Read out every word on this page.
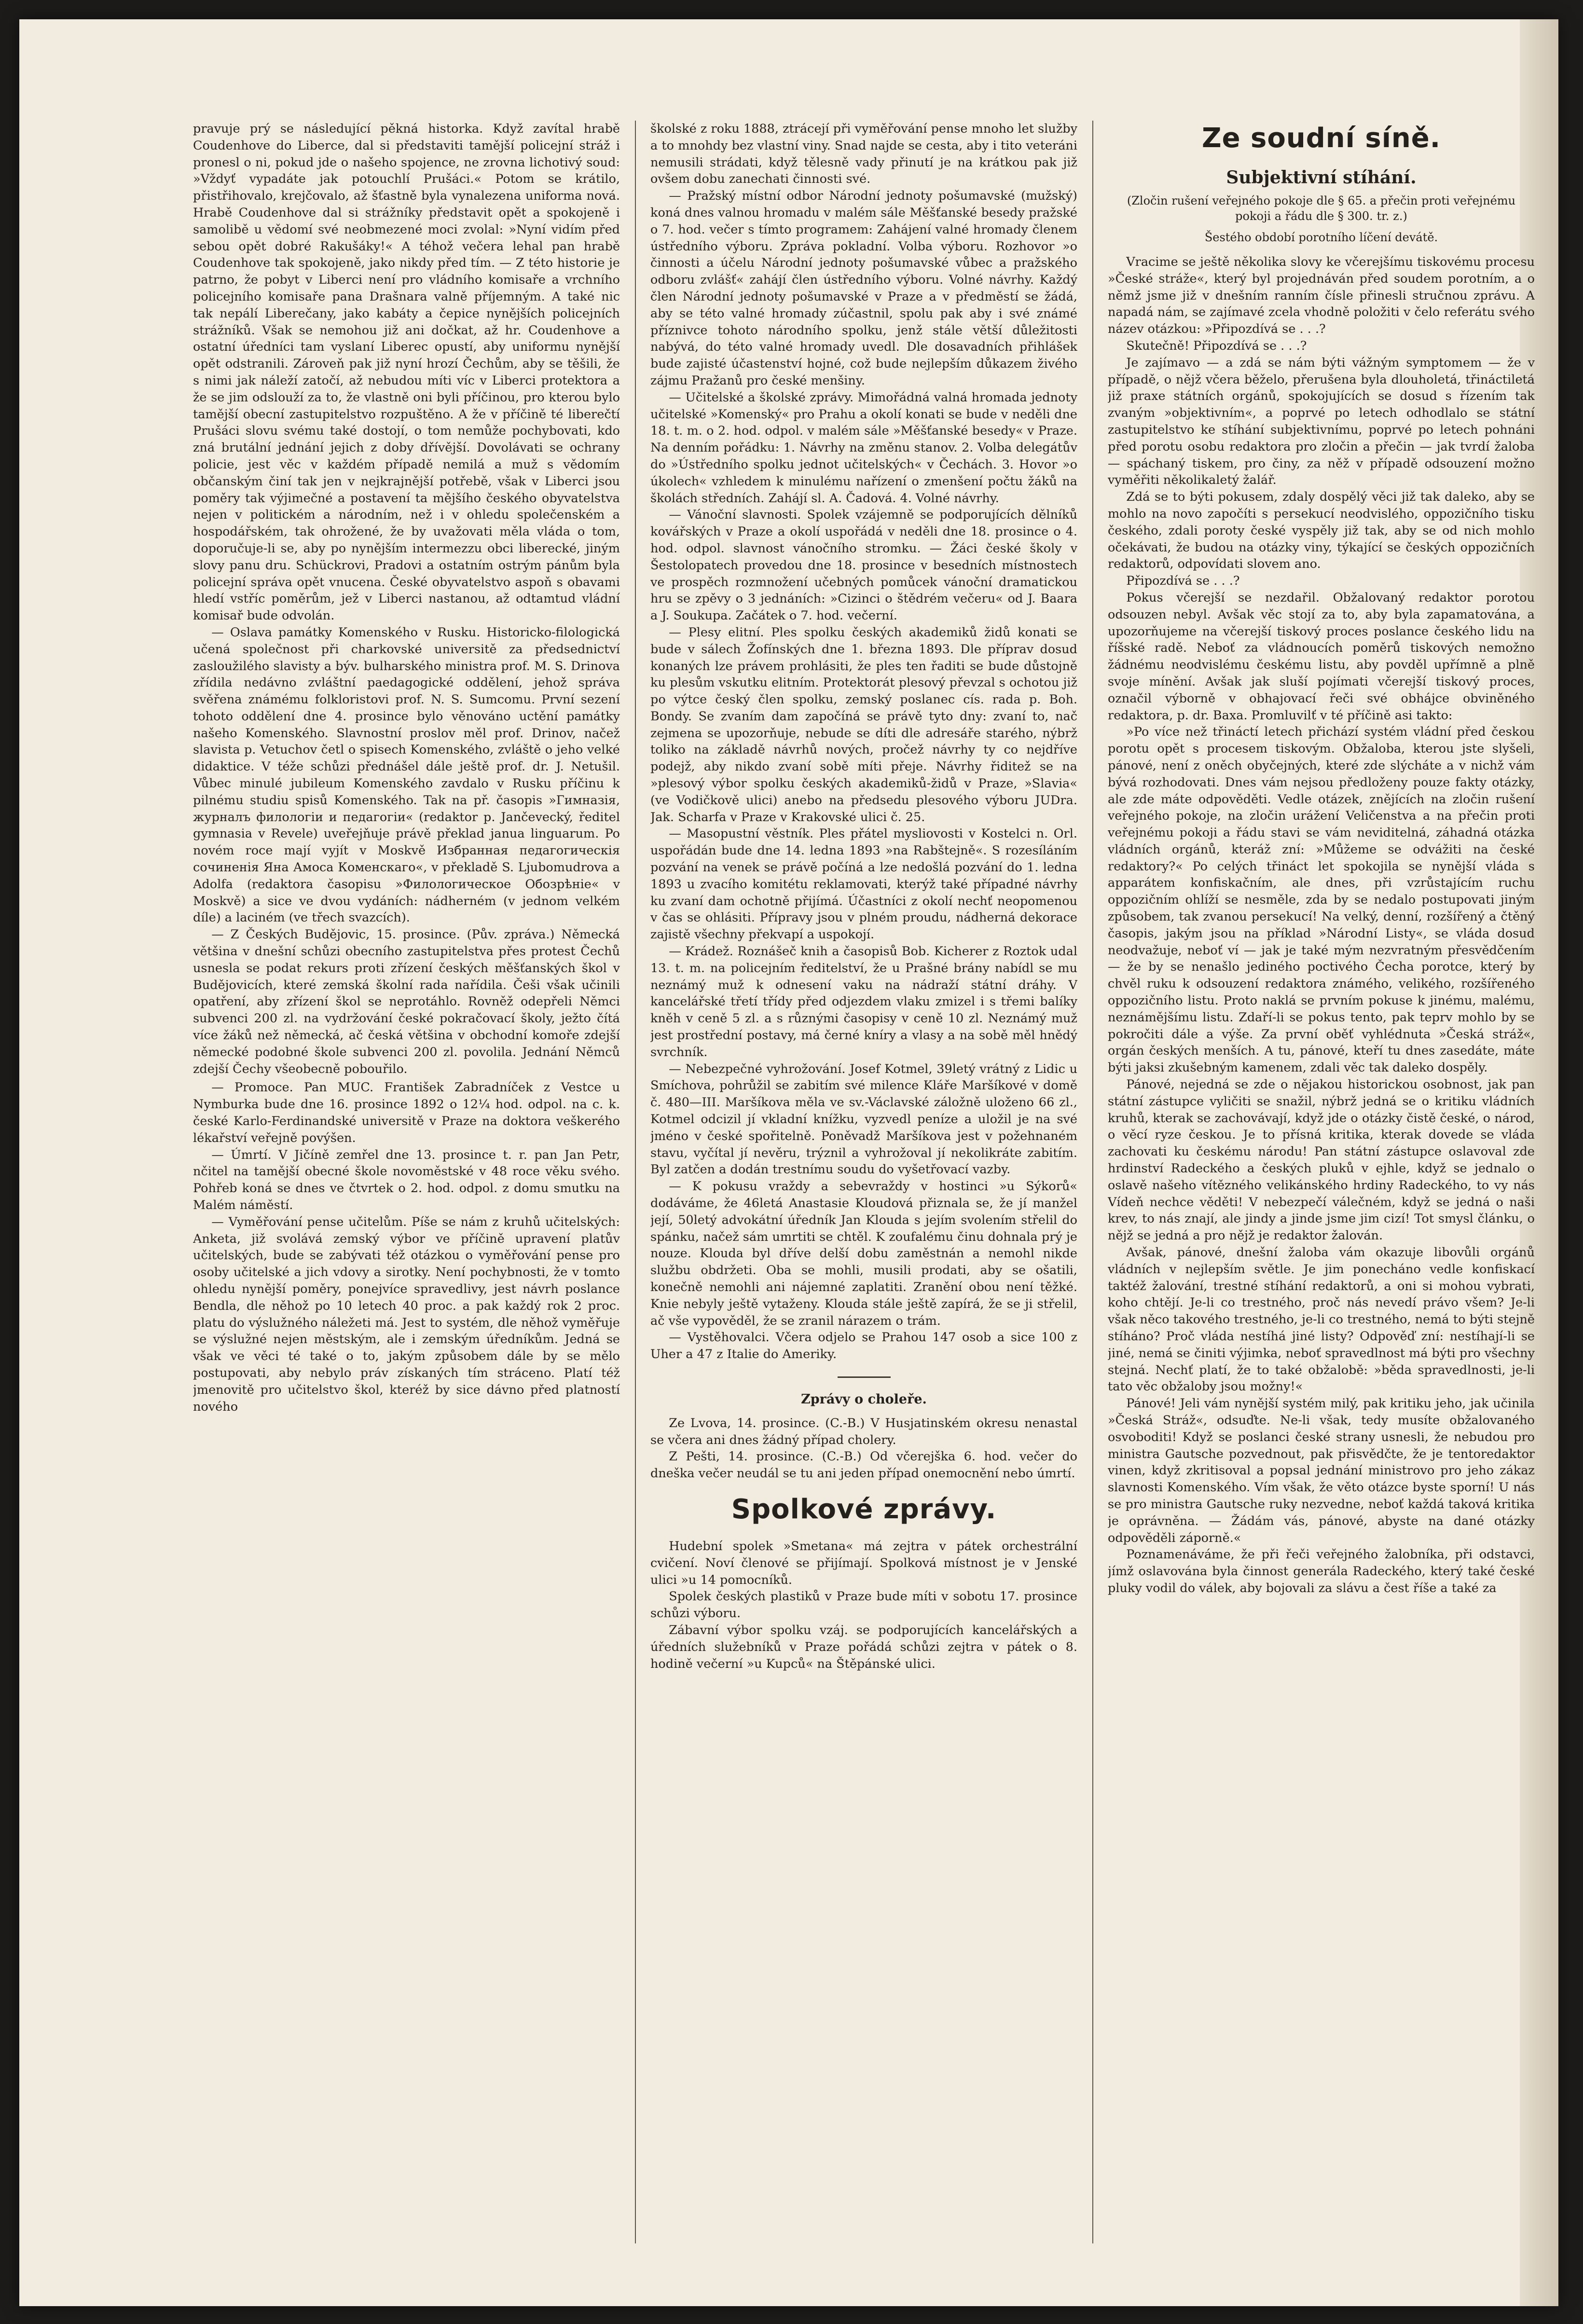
pravuje prý se následující pěkná historka. Když zavítal hrabě Coudenhove do Liberce, dal si představiti tamější policejní stráž i pronesl o ni, pokud jde o našeho spojence, ne zrovna lichotivý soud: »Vždyť vypadáte jak potouchlí Prušáci.« Potom se krátilo, přistřihovalo, krejčovalo, až šťastně byla vynalezena uniforma nová. Hrabě Coudenhove dal si strážníky představit opět a spokojeně i samolibě u vědomí své neobmezené moci zvolal: »Nyní vidím před sebou opět dobré Rakušáky!« A téhož večera lehal pan hrabě Coudenhove tak spokojeně, jako nikdy před tím. — Z této historie je patrno, že pobyt v Liberci není pro vládního komisaře a vrchního policejního komisaře pana Drašnara valně příjemným. A také nic tak nepálí Liberečany, jako kabáty a čepice nynějších policejních strážníků. Však se nemohou již ani dočkat, až hr. Coudenhove a ostatní úředníci tam vyslaní Liberec opustí, aby uniformu nynější opět odstranili. Zároveň pak již nyní hrozí Čechům, aby se těšili, že s nimi jak náleží zatočí, až nebudou míti víc v Liberci protektora a že se jim odslouží za to, že vlastně oni byli příčinou, pro kterou bylo tamější obecní zastupitelstvo rozpuštěno. A že v příčině té liberečtí Prušáci slovu svému také dostojí, o tom nemůže pochybovati, kdo zná brutální jednání jejich z doby dřívější. Dovolávati se ochrany policie, jest věc v každém případě nemilá a muž s vědomím občanským činí tak jen v nejkrajnější potřebě, však v Liberci jsou poměry tak výjimečné a postavení ta mějšího českého obyvatelstva nejen v politickém a národním, než i v ohledu společenském a hospodářském, tak ohrožené, že by uvažovati měla vláda o tom, doporučuje-li se, aby po nynějším intermezzu obci liberecké, jiným slovy panu dru. Schückrovi, Pradovi a ostatním ostrým pánům byla policejní správa opět vnucena. České obyvatelstvo aspoň s obavami hledí vstříc poměrům, jež v Liberci nastanou, až odtamtud vládní komisař bude odvolán.

— Oslava památky Komenského v Rusku. Historicko-filologická učená společnost při charkovské universitě za předsednictví zasloužilého slavisty a býv. bulharského ministra prof. M. S. Drinova zřídila nedávno zvláštní paedagogické oddělení, jehož správa svěřena známému folkloristovi prof. N. S. Sumcomu. První sezení tohoto oddělení dne 4. prosince bylo věnováno uctění památky našeho Komenského. Slavnostní proslov měl prof. Drinov, načež slavista p. Vetuchov četl o spisech Komenského, zvláště o jeho velké didaktice. V téže schůzi přednášel dále ještě prof. dr. J. Netušil. Vůbec minulé jubileum Komenského zavdalo v Rusku příčinu k pilnému studiu spisů Komenského. Tak na př. časopis »Гимназія, журналъ филологіи и педагогіи« (redaktor p. Jančevecký, ředitel gymnasia v Revele) uveřejňuje právě překlad janua linguarum. Po novém roce mají vyjít v Moskvě Избранная педагогическія сочиненія Яна Амоса Коменскаго«, v překladě S. Ljubomudrova a Adolfa (redaktora časopisu »Филологическое Обозрѣніе« v Moskvě) a sice ve dvou vydáních: nádherném (v jednom velkém díle) a laciném (ve třech svazcích).

— Z Českých Budějovic, 15. prosince. (Pův. zpráva.) Německá většina v dnešní schůzi obecního zastupitelstva přes protest Čechů usnesla se podat rekurs proti zřízení českých měšťanských škol v Budějovicích, které zemská školní rada nařídila. Češi však učinili opatření, aby zřízení škol se neprotáhlo. Rovněž odepřeli Němci subvenci 200 zl. na vydržování české pokračovací školy, ježto čítá více žáků než německá, ač česká většina v obchodní komoře zdejší německé podobné škole subvenci 200 zl. povolila. Jednání Němců zdejší Čechy všeobecně pobouřilo.

— Promoce. Pan MUC. František Zabradníček z Vestce u Nymburka bude dne 16. prosince 1892 o 12¼ hod. odpol. na c. k. české Karlo-Ferdinandské universitě v Praze na doktora veškerého lékařství veřejně povýšen.

— Úmrtí. V Jičíně zemřel dne 13. prosince t. r. pan Jan Petr, nčitel na tamější obecné škole novoměstské v 48 roce věku svého. Pohřeb koná se dnes ve čtvrtek o 2. hod. odpol. z domu smutku na Malém náměstí.

— Vyměřování pense učitelům. Píše se nám z kruhů učitelských: Anketa, již svolává zemský výbor ve příčině upravení platův učitelských, bude se zabývati též otázkou o vyměřování pense pro osoby učitelské a jich vdovy a sirotky. Není pochybnosti, že v tomto ohledu nynější poměry, ponejvíce spravedlivy, jest návrh poslance Bendla, dle něhož po 10 letech 40 proc. a pak každý rok 2 proc. platu do výslužného náležeti má. Jest to systém, dle něhož vyměřuje se výslužné nejen městským, ale i zemským úředníkům. Jedná se však ve věci té také o to, jakým způsobem dále by se mělo postupovati, aby nebylo práv získaných tím stráceno. Platí též jmenovitě pro učitelstvo škol, kteréž by sice dávno před platností nového

školské z roku 1888, ztrácejí při vyměřování pense mnoho let služby a to mnohdy bez vlastní viny. Snad najde se cesta, aby i tito veteráni nemusili strádati, když tělesně vady přinutí je na krátkou pak již ovšem dobu zanechati činnosti své.

— Pražský místní odbor Národní jednoty pošumavské (mužský) koná dnes valnou hromadu v malém sále Měšťanské besedy pražské o 7. hod. večer s tímto programem: Zahájení valné hromady členem ústředního výboru. Zpráva pokladní. Volba výboru. Rozhovor »o činnosti a účelu Národní jednoty pošumavské vůbec a pražského odboru zvlášť« zahájí člen ústředního výboru. Volné návrhy. Každý člen Národní jednoty pošumavské v Praze a v předměstí se žádá, aby se této valné hromady zúčastnil, spolu pak aby i své známé příznivce tohoto národního spolku, jenž stále větší důležitosti nabývá, do této valné hromady uvedl. Dle dosavadních přihlášek bude zajisté účastenství hojné, což bude nejlepším důkazem živého zájmu Pražanů pro české menšiny.

— Učitelské a školské zprávy. Mimořádná valná hromada jednoty učitelské »Komenský« pro Prahu a okolí konati se bude v neděli dne 18. t. m. o 2. hod. odpol. v malém sále »Měšťanské besedy« v Praze. Na denním pořádku: 1. Návrhy na změnu stanov. 2. Volba delegátův do »Ústředního spolku jednot učitelských« v Čechách. 3. Hovor »o úkolech« vzhledem k minulému nařízení o zmenšení počtu žáků na školách středních. Zahájí sl. A. Čadová. 4. Volné návrhy.

— Vánoční slavnosti. Spolek vzájemně se podporujících dělníků kovářských v Praze a okolí uspořádá v neděli dne 18. prosince o 4. hod. odpol. slavnost vánočního stromku. — Žáci české školy v Šestolopatech provedou dne 18. prosince v besedních místnostech ve prospěch rozmnožení učebných pomůcek vánoční dramatickou hru se zpěvy o 3 jednáních: »Cizinci o štědrém večeru« od J. Baara a J. Soukupa. Začátek o 7. hod. večerní.

— Plesy elitní. Ples spolku českých akademiků židů konati se bude v sálech Žofínských dne 1. března 1893. Dle příprav dosud konaných lze právem prohlásiti, že ples ten řaditi se bude důstojně ku plesům vskutku elitním. Protektorát plesový převzal s ochotou již po výtce český člen spolku, zemský poslanec cís. rada p. Boh. Bondy. Se zvaním dam započíná se právě tyto dny: zvaní to, nač zejmena se upozorňuje, nebude se díti dle adresáře starého, nýbrž toliko na základě návrhů nových, pročež návrhy ty co nejdříve podejž, aby nikdo zvaní sobě míti přeje. Návrhy řiditež se na »plesový výbor spolku českých akademiků-židů v Praze, »Slavia« (ve Vodičkově ulici) anebo na předsedu plesového výboru JUDra. Jak. Scharfa v Praze v Krakovské ulici č. 25.

— Masopustní věstník. Ples přátel mysliovosti v Kostelci n. Orl. uspořádán bude dne 14. ledna 1893 »na Rabštejně«. S rozesíláním pozvání na venek se právě počíná a lze nedošlá pozvání do 1. ledna 1893 u zvacího komitétu reklamovati, kterýž také případné návrhy ku zvaní dam ochotně přijímá. Účastníci z okolí nechť neopomenou v čas se ohlásiti. Přípravy jsou v plném proudu, nádherná dekorace zajistě všechny překvapí a uspokojí.

— Krádež. Roznášeč knih a časopisů Bob. Kicherer z Roztok udal 13. t. m. na policejním ředitelství, že u Prašné brány nabídl se mu neznámý muž k odnesení vaku na nádraží státní dráhy. V kancelářské třetí třídy před odjezdem vlaku zmizel i s třemi balíky kněh v ceně 5 zl. a s různými časopisy v ceně 10 zl. Neznámý muž jest prostřední postavy, má černé kníry a vlasy a na sobě měl hnědý svrchník.

— Nebezpečné vyhrožování. Josef Kotmel, 39letý vrátný z Lidic u Smíchova, pohrůžil se zabitím své milence Kláře Maršíkové v domě č. 480—III. Maršíkova měla ve sv.-Václavské záložně uloženo 66 zl., Kotmel odcizil jí vkladní knížku, vyzvedl peníze a uložil je na své jméno v české spořitelně. Poněvadž Maršíkova jest v požehnaném stavu, vyčítal jí nevěru, trýznil a vyhrožoval jí nekolikráte zabitím. Byl zatčen a dodán trestnímu soudu do vyšetřovací vazby.

— K pokusu vraždy a sebevraždy v hostinci »u Sýkorů« dodáváme, že 46letá Anastasie Kloudová přiznala se, že jí manžel její, 50letý advokátní úředník Jan Klouda s jejím svolením střelil do spánku, načež sám umrtiti se chtěl. K zoufalému činu dohnala prý je nouze. Klouda byl dříve delší dobu zaměstnán a nemohl nikde službu obdržeti. Oba se mohli, musili prodati, aby se ošatili, konečně nemohli ani nájemné zaplatiti. Zranění obou není těžké. Knie nebyly ještě vytaženy. Klouda stále ještě zapírá, že se ji střelil, ač vše vypověděl, že se zranil nárazem o trám.

— Vystěhovalci. Včera odjelo se Prahou 147 osob a sice 100 z Uher a 47 z Italie do Ameriky.

Zprávy o choleře.

Ze Lvova, 14. prosince. (C.-B.) V Husjatinském okresu nenastal se včera ani dnes žádný případ cholery.

Z Pešti, 14. prosince. (C.-B.) Od včerejška 6. hod. večer do dneška večer neudál se tu ani jeden případ onemocnění nebo úmrtí.

Spolkové zprávy.

Hudební spolek »Smetana« má zejtra v pátek orchestrální cvičení. Noví členové se přijímají. Spolková místnost je v Jenské ulici »u 14 pomocníků.

Spolek českých plastiků v Praze bude míti v sobotu 17. prosince schůzi výboru.

Zábavní výbor spolku vzáj. se podporujících kancelářských a úředních služebníků v Praze pořádá schůzi zejtra v pátek o 8. hodině večerní »u Kupců« na Štěpánské ulici.

Ze soudní síně.
Subjektivní stíhání.
(Zločin rušení veřejného pokoje dle § 65. a přečin proti veřejnému pokoji a řádu dle § 300. tr. z.)
Šestého období porotního líčení devátě.

Vracime se ještě několika slovy ke včerejšímu tiskovému procesu »České stráže«, který byl projednáván před soudem porotním, a o němž jsme již v dnešním ranním čísle přinesli stručnou zprávu. A napadá nám, se zajímavé zcela vhodně položiti v čelo referátu svého název otázkou: »Připozdívá se . . .?

Skutečně! Připozdívá se . . .?

Je zajímavo — a zdá se nám býti vážným symptomem — že v případě, o nějž včera běželo, přerušena byla dlouholetá, třináctiletá již praxe státních orgánů, spokojujících se dosud s řízením tak zvaným »objektivním«, a poprvé po letech odhodlalo se státní zastupitelstvo ke stíhání subjektivnímu, poprvé po letech pohnáni před porotu osobu redaktora pro zločin a přečin — jak tvrdí žaloba — spáchaný tiskem, pro činy, za něž v případě odsouzení možno vyměřiti několikaletý žalář.

Zdá se to býti pokusem, zdaly dospělý věci již tak daleko, aby se mohlo na novo započíti s persekucí neodvislého, oppozičního tisku českého, zdali poroty české vyspěly již tak, aby se od nich mohlo očekávati, že budou na otázky viny, týkající se českých oppozičních redaktorů, odpovídati slovem ano.

Připozdívá se . . .?

Pokus včerejší se nezdařil. Obžalovaný redaktor porotou odsouzen nebyl. Avšak věc stojí za to, aby byla zapamatována, a upozorňujeme na včerejší tiskový proces poslance českého lidu na říšské radě. Neboť za vládnoucích poměrů tiskových nemožno žádnému neodvislému českému listu, aby povděl upřímně a plně svoje mínění. Avšak jak sluší pojímati včerejší tiskový proces, označil výborně v obhajovací řeči své obhájce obviněného redaktora, p. dr. Baxa. Promluvilť v té příčině asi takto:

»Po více než třináctí letech přichází systém vládní před českou porotu opět s procesem tiskovým. Obžaloba, kterou jste slyšeli, pánové, není z oněch obyčejných, které zde slýcháte a v nichž vám bývá rozhodovati. Dnes vám nejsou předloženy pouze fakty otázky, ale zde máte odpověděti. Vedle otázek, znějících na zločin rušení veřejného pokoje, na zločin urážení Veličenstva a na přečin proti veřejnému pokoji a řádu stavi se vám neviditelná, záhadná otázka vládních orgánů, kteráž zní: »Můžeme se odvážiti na české redaktory?« Po celých třináct let spokojila se nynější vláda s apparátem konfiskačním, ale dnes, při vzrůstajícím ruchu oppozičním ohlíží se nesměle, zda by se nedalo postupovati jiným způsobem, tak zvanou persekucí! Na velký, denní, rozšířený a čtěný časopis, jakým jsou na příklad »Národní Listy«, se vláda dosud neodvažuje, neboť ví — jak je také mým nezvratným přesvědčením — že by se nenašlo jediného poctivého Čecha porotce, který by chvěl ruku k odsouzení redaktora známého, velikého, rozšířeného oppozičního listu. Proto naklá se prvním pokuse k jinému, malému, neznámějšímu listu. Zdaří-li se pokus tento, pak teprv mohlo by se pokročiti dále a výše. Za první oběť vyhlédnuta »Česká stráž«, orgán českých menších. A tu, pánové, kteří tu dnes zasedáte, máte býti jaksi zkušebným kamenem, zdali věc tak daleko dospěly.

Pánové, nejedná se zde o nějakou historickou osobnost, jak pan státní zástupce vyličiti se snažil, nýbrž jedná se o kritiku vládních kruhů, kterak se zachovávají, když jde o otázky čistě české, o národ, o věcí ryze českou. Je to přísná kritika, kterak dovede se vláda zachovati ku českému národu! Pan státní zástupce oslavoval zde hrdinství Radeckého a českých pluků v ejhle, když se jednalo o oslavě našeho vítězného velikánského hrdiny Radeckého, to vy nás Vídeň nechce věděti! V nebezpečí válečném, když se jedná o naši krev, to nás znají, ale jindy a jinde jsme jim cizí! Tot smysl článku, o nějž se jedná a pro nějž je redaktor žalován.

Avšak, pánové, dnešní žaloba vám okazuje libovůli orgánů vládních v nejlepším světle. Je jim ponecháno vedle konfiskací taktéž žalování, trestné stíhání redaktorů, a oni si mohou vybrati, koho chtějí. Je-li co trestného, proč nás nevedí právo všem? Je-li však něco takového trestného, je-li co trestného, nemá to býti stejně stíháno? Proč vláda nestíhá jiné listy? Odpověď zní: nestíhají-li se jiné, nemá se činiti výjimka, neboť spravedlnost má býti pro všechny stejná. Nechť platí, že to také obžalobě: »běda spravedlnosti, je-li tato věc obžaloby jsou možny!«

Pánové! Jeli vám nynější systém milý, pak kritiku jeho, jak učinila »Česká Stráž«, odsuďte. Ne-li však, tedy musíte obžalovaného osvoboditi! Když se poslanci české strany usnesli, že nebudou pro ministra Gautsche pozvednout, pak přisvědčte, že je tentoredaktor vinen, když zkritisoval a popsal jednání ministrovo pro jeho zákaz slavnosti Komenského. Vím však, že věto otázce byste sporní! U nás se pro ministra Gautsche ruky nezvedne, neboť každá taková kritika je oprávněna. — Žádám vás, pánové, abyste na dané otázky odpověděli záporně.«

Poznamenáváme, že při řeči veřejného žalobníka, při odstavci, jímž oslavována byla činnost generála Radeckého, který také české pluky vodil do válek, aby bojovali za slávu a čest říše a také za
